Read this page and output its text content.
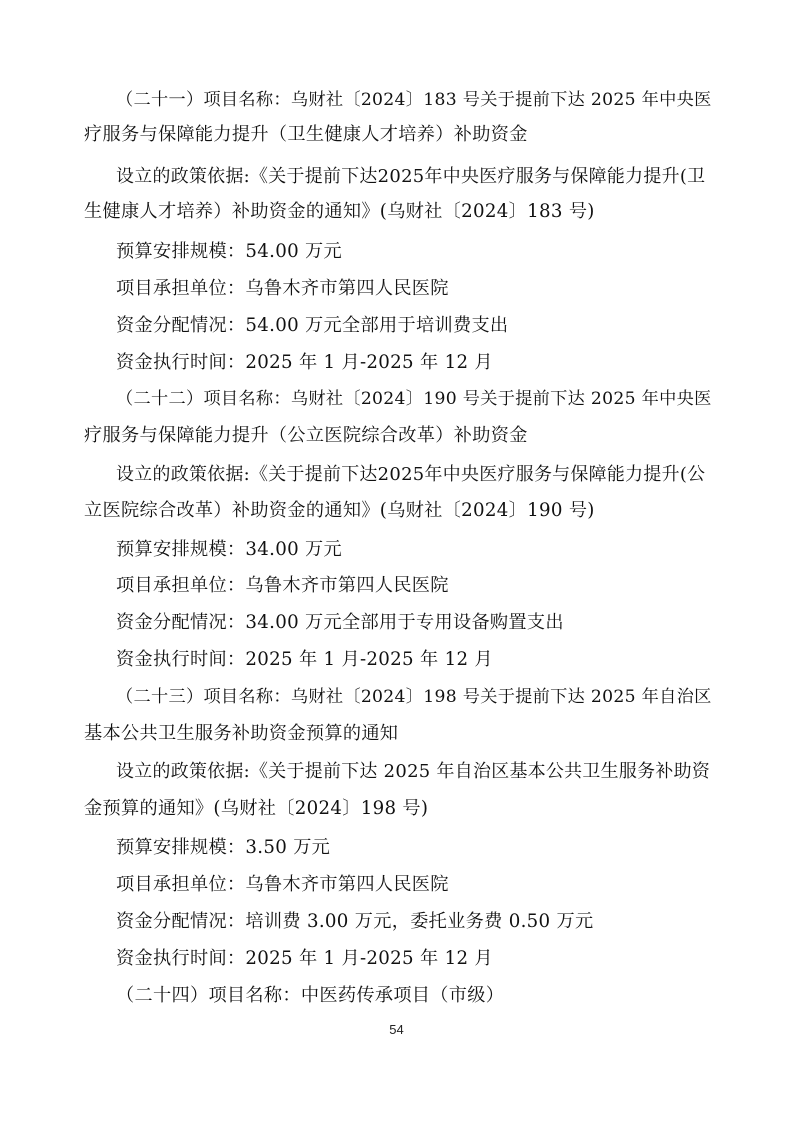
（二十一）项目名称：乌财社〔2024〕183 号关于提前下达 2025 年中央医
疗服务与保障能力提升（卫生健康人才培养）补助资金
设立的政策依据:《关于提前下达2025年中央医疗服务与保障能力提升(卫
生健康人才培养）补助资金的通知》(乌财社〔2024〕183 号)
预算安排规模：54.00 万元
项目承担单位：乌鲁木齐市第四人民医院
资金分配情况：54.00 万元全部用于培训费支出
资金执行时间：2025 年 1 月-2025 年 12 月
（二十二）项目名称：乌财社〔2024〕190 号关于提前下达 2025 年中央医
疗服务与保障能力提升（公立医院综合改革）补助资金
设立的政策依据:《关于提前下达2025年中央医疗服务与保障能力提升(公
立医院综合改革）补助资金的通知》(乌财社〔2024〕190 号)
预算安排规模：34.00 万元
项目承担单位：乌鲁木齐市第四人民医院
资金分配情况：34.00 万元全部用于专用设备购置支出
资金执行时间：2025 年 1 月-2025 年 12 月
（二十三）项目名称：乌财社〔2024〕198 号关于提前下达 2025 年自治区
基本公共卫生服务补助资金预算的通知
设立的政策依据:《关于提前下达 2025 年自治区基本公共卫生服务补助资
金预算的通知》(乌财社〔2024〕198 号)
预算安排规模：3.50 万元
项目承担单位：乌鲁木齐市第四人民医院
资金分配情况：培训费 3.00 万元，委托业务费 0.50 万元
资金执行时间：2025 年 1 月-2025 年 12 月
（二十四）项目名称：中医药传承项目（市级）
54
